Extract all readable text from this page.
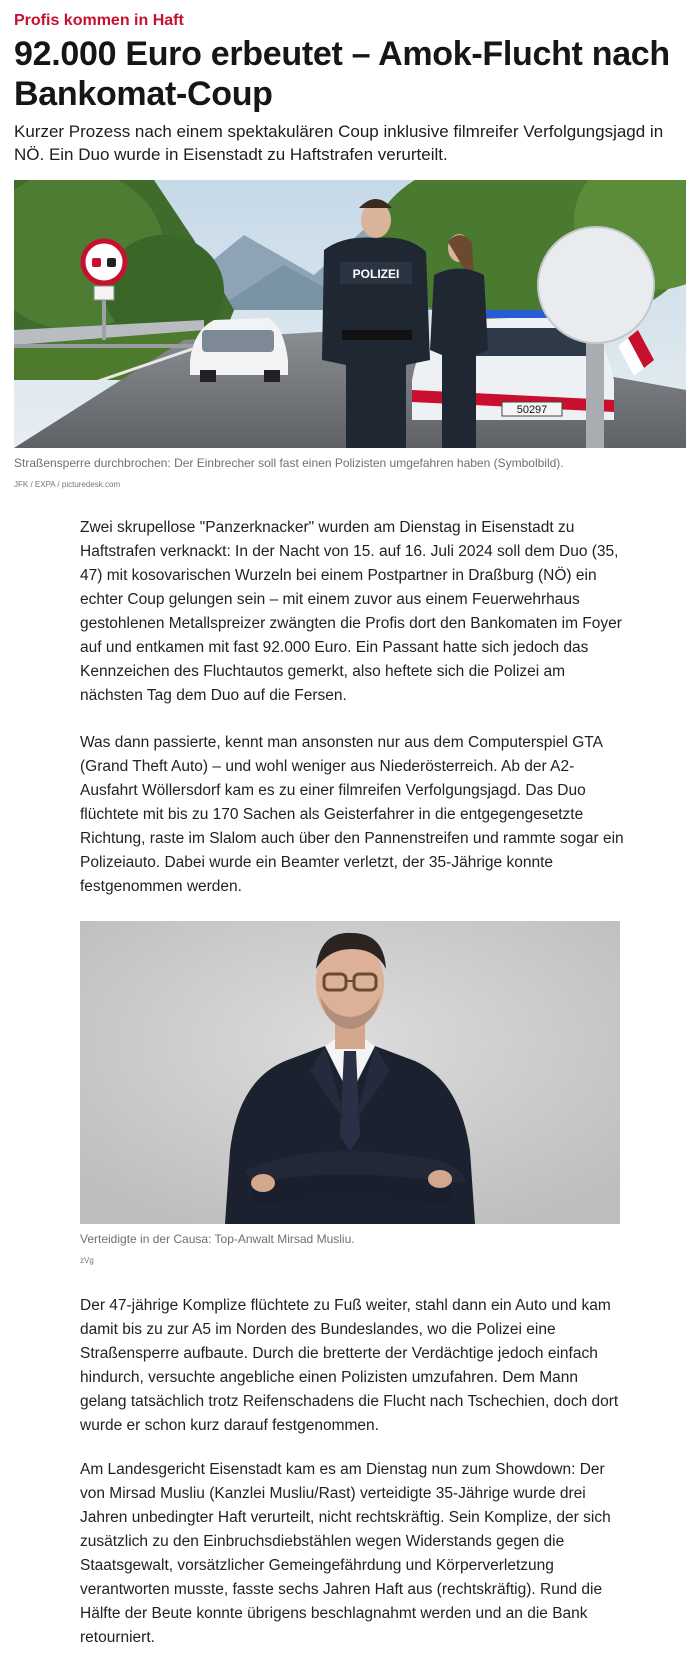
Profis kommen in Haft
92.000 Euro erbeutet – Amok-Flucht nach Bankomat-Coup

Kurzer Prozess nach einem spektakulären Coup inklusive filmreifer Verfolgungsjagd in NÖ. Ein Duo wurde in Eisenstadt zu Haftstrafen verurteilt.

50297
POLIZEI
Straßensperre durchbrochen: Der Einbrecher soll fast einen Polizisten umgefahren haben (Symbolbild).
JFK / EXPA / picturedesk.com

Zwei skrupellose "Panzerknacker" wurden am Dienstag in Eisenstadt zu Haftstrafen verknackt: In der Nacht von 15. auf 16. Juli 2024 soll dem Duo (35, 47) mit kosovarischen Wurzeln bei einem Postpartner in Draßburg (NÖ) ein echter Coup gelungen sein – mit einem zuvor aus einem Feuerwehrhaus gestohlenen Metallspreizer zwängten die Profis dort den Bankomaten im Foyer auf und entkamen mit fast 92.000 Euro. Ein Passant hatte sich jedoch das Kennzeichen des Fluchtautos gemerkt, also heftete sich die Polizei am nächsten Tag dem Duo auf die Fersen.

Was dann passierte, kennt man ansonsten nur aus dem Computerspiel GTA (Grand Theft Auto) – und wohl weniger aus Niederösterreich. Ab der A2-Ausfahrt Wöllersdorf kam es zu einer filmreifen Verfolgungsjagd. Das Duo flüchtete mit bis zu 170 Sachen als Geisterfahrer in die entgegengesetzte Richtung, raste im Slalom auch über den Pannenstreifen und rammte sogar ein Polizeiauto. Dabei wurde ein Beamter verletzt, der 35-Jährige konnte festgenommen werden.

Verteidigte in der Causa: Top-Anwalt Mirsad Musliu.
zVg

Der 47-jährige Komplize flüchtete zu Fuß weiter, stahl dann ein Auto und kam damit bis zu zur A5 im Norden des Bundeslandes, wo die Polizei eine Straßensperre aufbaute. Durch die bretterte der Verdächtige jedoch einfach hindurch, versuchte angebliche einen Polizisten umzufahren. Dem Mann gelang tatsächlich trotz Reifenschadens die Flucht nach Tschechien, doch dort wurde er schon kurz darauf festgenommen.

Am Landesgericht Eisenstadt kam es am Dienstag nun zum Showdown: Der von Mirsad Musliu (Kanzlei Musliu/Rast) verteidigte 35-Jährige wurde drei Jahren unbedingter Haft verurteilt, nicht rechtskräftig. Sein Komplize, der sich zusätzlich zu den Einbruchsdiebstählen wegen Widerstands gegen die Staatsgewalt, vorsätzlicher Gemeingefährdung und Körperverletzung verantworten musste, fasste sechs Jahren Haft aus (rechtskräftig). Rund die Hälfte der Beute konnte übrigens beschlagnahmt werden und an die Bank retourniert.
